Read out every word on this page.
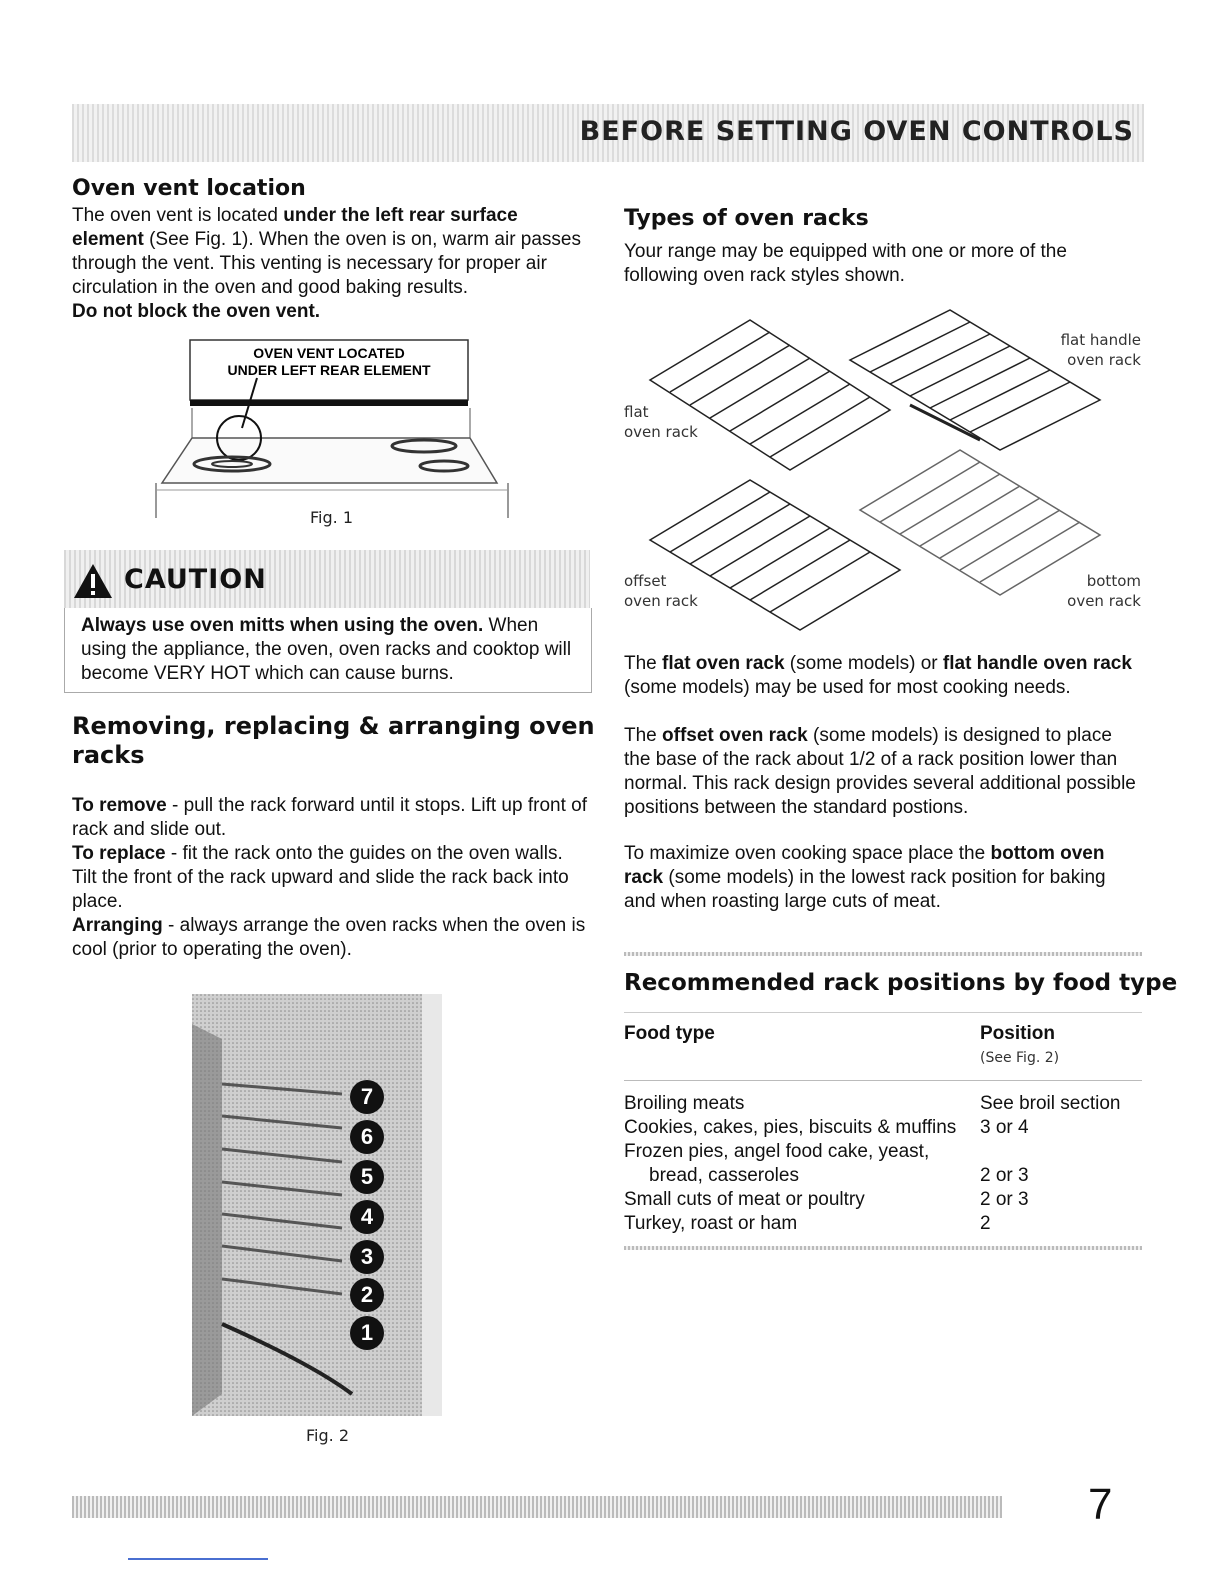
BEFORE SETTING OVEN CONTROLS
Oven vent location
The oven vent is located under the left rear surface element (See Fig. 1). When the oven is on, warm air passes through the vent. This venting is necessary for proper air circulation in the oven and good baking results.
Do not block the oven vent.
OVEN VENT LOCATED
UNDER LEFT REAR ELEMENT
Fig. 1
CAUTION
Always use oven mitts when using the oven. When using the appliance, the oven, oven racks and cooktop will become VERY HOT which can cause burns.
Removing, replacing & arranging oven
racks
To remove - pull the rack forward until it stops. Lift up front of rack and slide out.
To replace - fit the rack onto the guides on the oven walls. Tilt the front of the rack upward and slide the rack back into place.
Arranging - always arrange the oven racks when the oven is cool (prior to operating the oven).
7
6
5
4
3
2
1
Fig. 2
Types of oven racks
Your range may be equipped with one or more of the following oven rack styles shown.
flat handle
oven rack
flat
oven rack
offset
oven rack
bottom
oven rack
The flat oven rack (some models) or flat handle oven rack (some models) may be used for most cooking needs.
The offset oven rack (some models) is designed to place the base of the rack about 1/2 of a rack position lower than normal. This rack design provides several additional possible positions between the standard postions.
To maximize oven cooking space place the bottom oven rack (some models) in the lowest rack position for baking and when roasting large cuts of meat.
Recommended rack positions by food type
Food type	Position
(See Fig. 2)
Broiling meats	See broil section
Cookies, cakes, pies, biscuits & muffins 3 or 4
Frozen pies, angel food cake, yeast,
bread, casseroles	2 or 3
Small cuts of meat or poultry	2 or 3
Turkey, roast or ham	2
7
